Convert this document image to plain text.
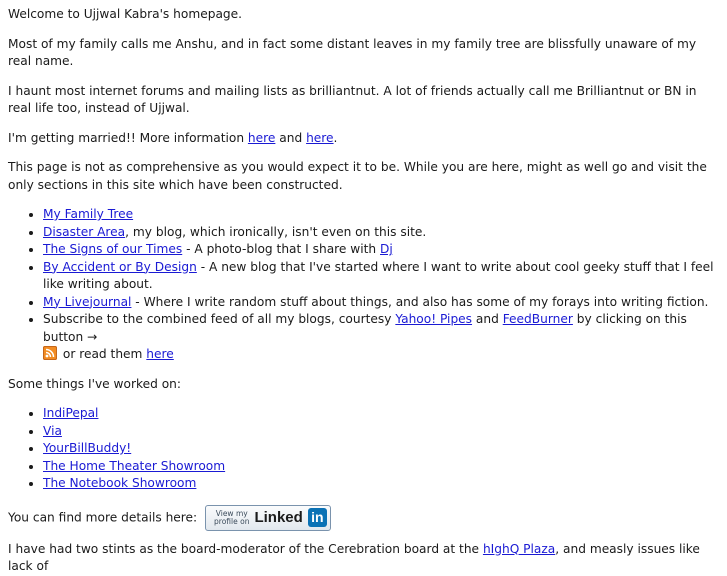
Welcome to Ujjwal Kabra's homepage.

Most of my family calls me Anshu, and in fact some distant leaves in my family tree are blissfully unaware of my real name.

I haunt most internet forums and mailing lists as brilliantnut. A lot of friends actually call me Brilliantnut or BN in real life too, instead of Ujjwal.

I'm getting married!! More information here and here.

This page is not as comprehensive as you would expect it to be. While you are here, might as well go and visit the only sections in this site which have been constructed.

• My Family Tree
• Disaster Area, my blog, which ironically, isn't even on this site.
• The Signs of our Times - A photo-blog that I share with Dj
• By Accident or By Design - A new blog that I've started where I want to write about cool geeky stuff that I feel like writing about.
• My Livejournal - Where I write random stuff about things, and also has some of my forays into writing fiction.
• Subscribe to the combined feed of all my blogs, courtesy Yahoo! Pipes and FeedBurner by clicking on this button →

or read them here

Some things I've worked on:

• IndiPepal
• Via
• YourBillBuddy!
• The Home Theater Showroom
• The Notebook Showroom
You can find more details here: View my
profile on Linked in

I have had two stints as the board-moderator of the Cerebration board at the hIghQ Plaza, and measly issues like lack of
